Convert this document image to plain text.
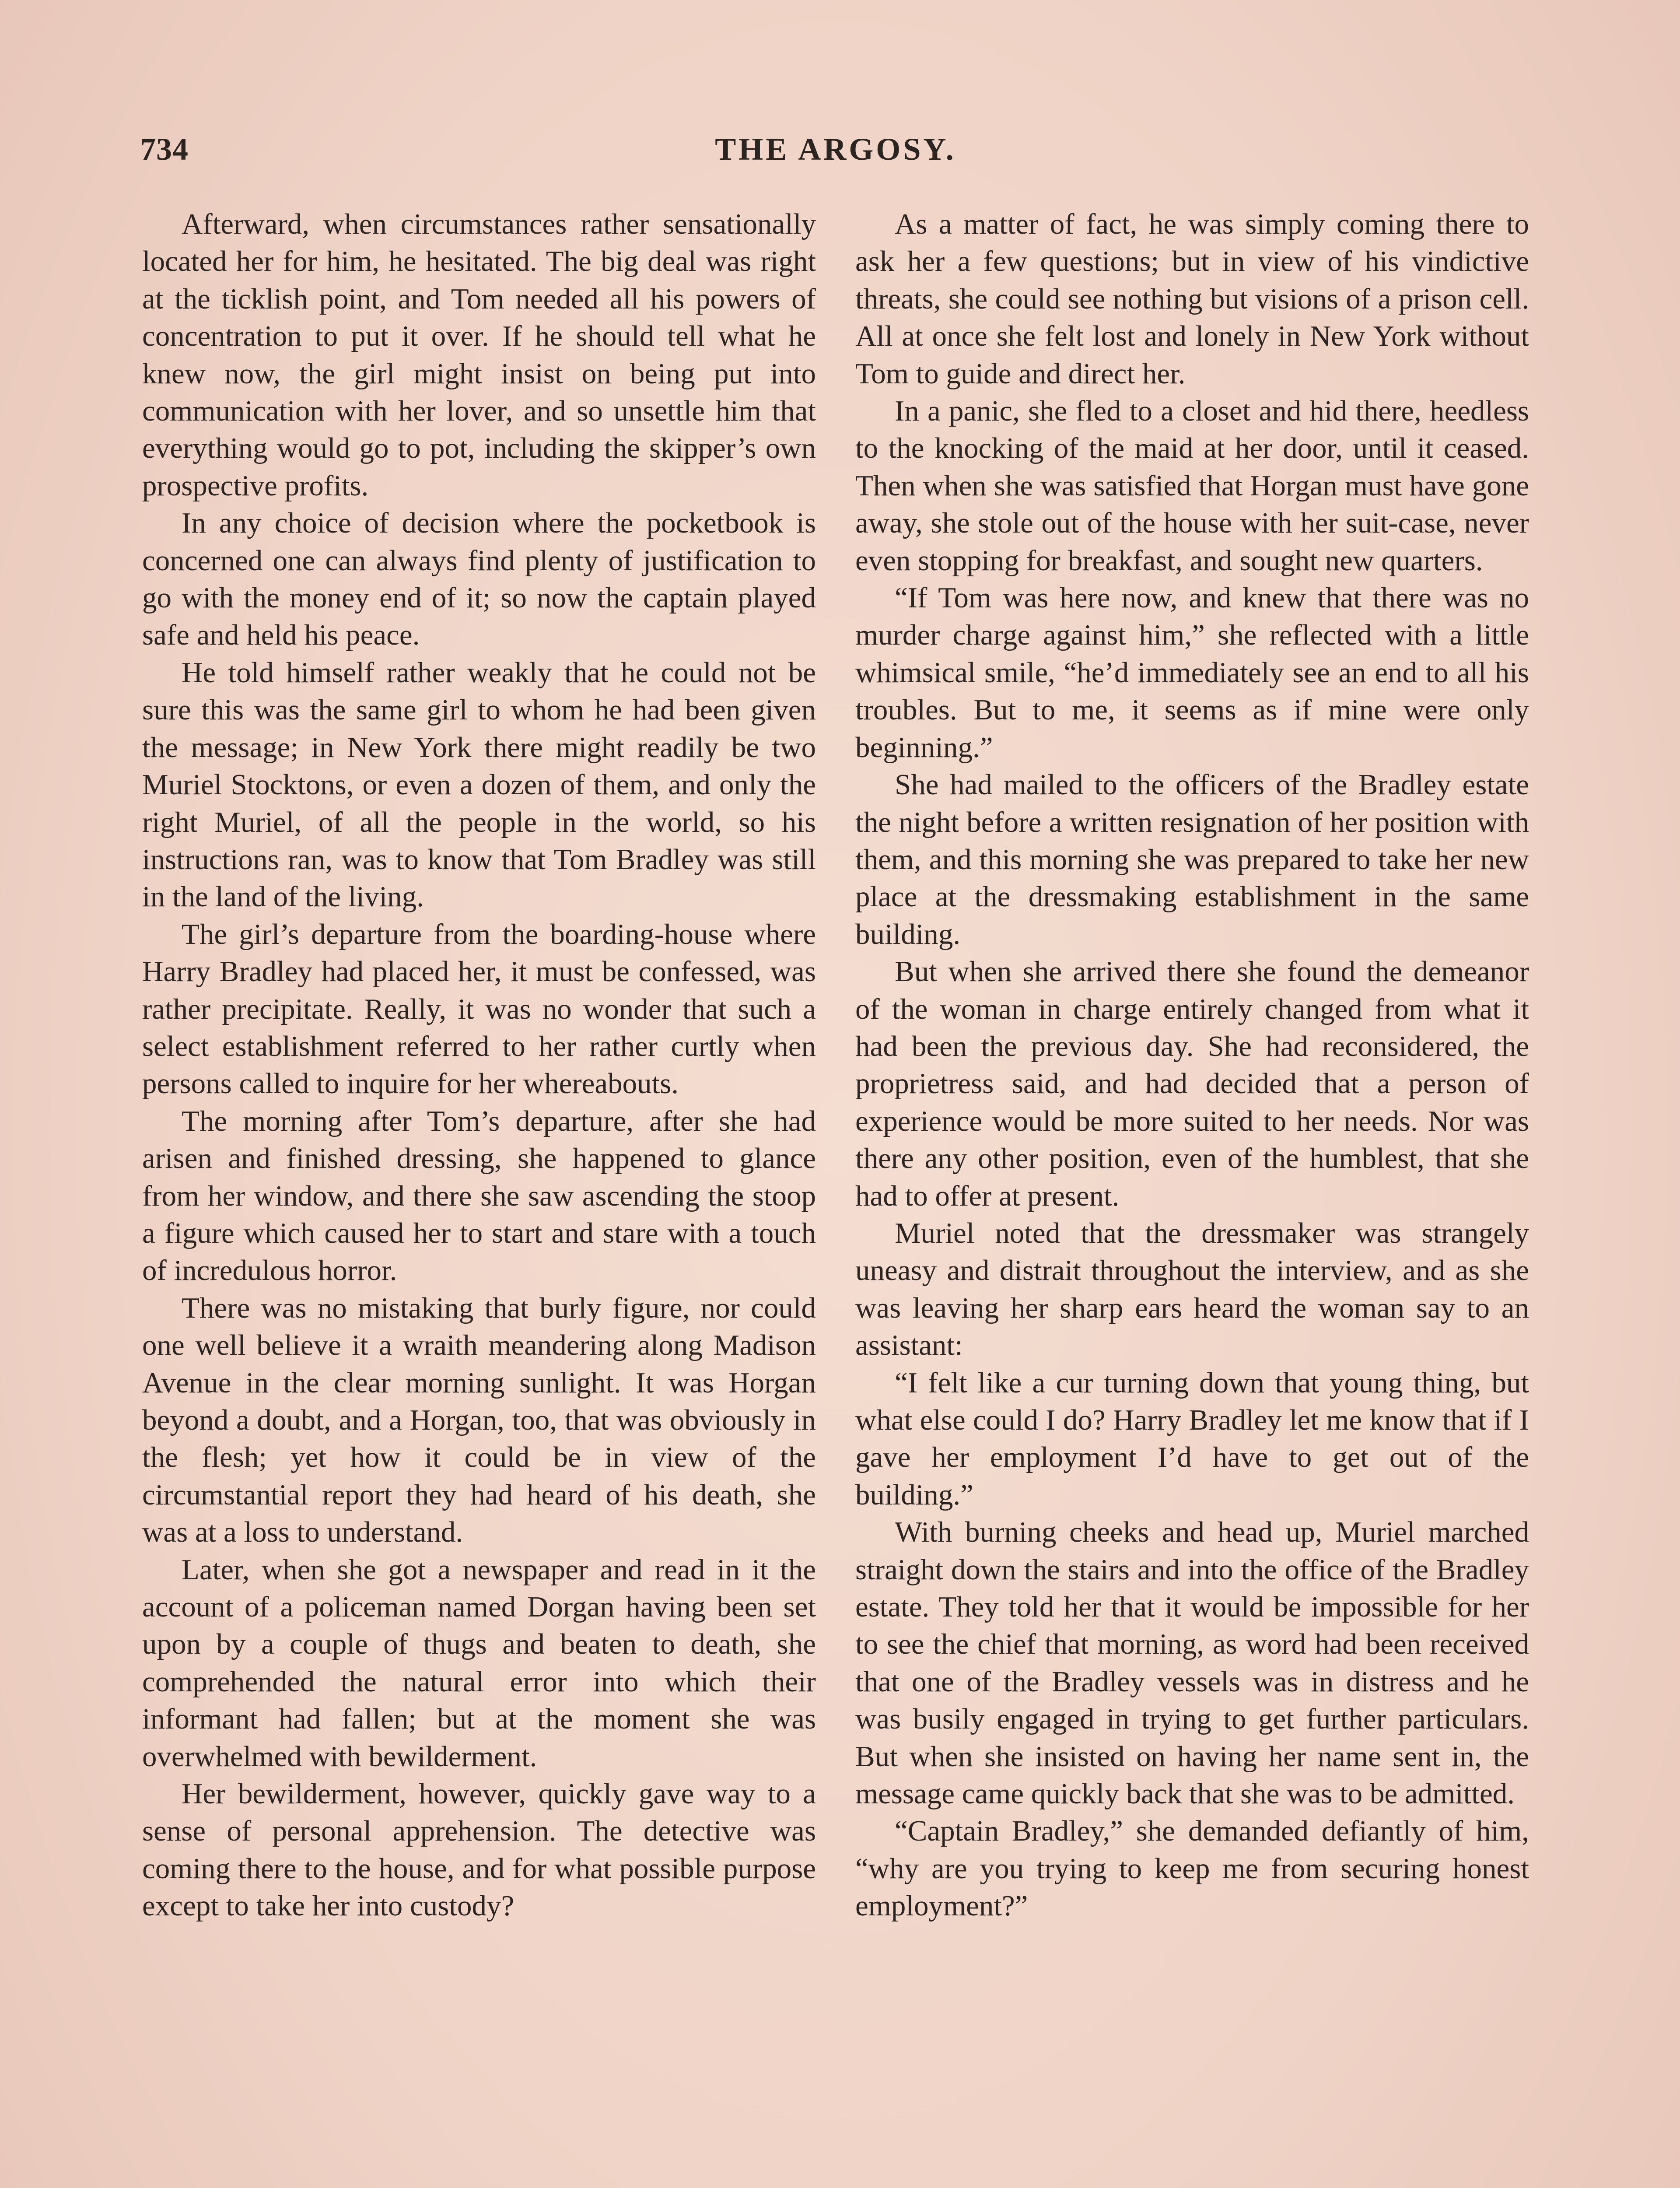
734	THE ARGOSY.

Afterward, when circumstances rather sensationally located her for him, he hesitated. The big deal was right at the ticklish point, and Tom needed all his powers of concentration to put it over. If he should tell what he knew now, the girl might insist on being put into communication with her lover, and so unsettle him that everything would go to pot, including the skipper’s own prospective profits.

In any choice of decision where the pocketbook is concerned one can always find plenty of justification to go with the money end of it; so now the captain played safe and held his peace.

He told himself rather weakly that he could not be sure this was the same girl to whom he had been given the message; in New York there might readily be two Muriel Stocktons, or even a dozen of them, and only the right Muriel, of all the people in the world, so his instructions ran, was to know that Tom Bradley was still in the land of the living.

The girl’s departure from the boarding-house where Harry Bradley had placed her, it must be confessed, was rather precipitate. Really, it was no wonder that such a select establishment referred to her rather curtly when persons called to inquire for her whereabouts.

The morning after Tom’s departure, after she had arisen and finished dressing, she happened to glance from her window, and there she saw ascending the stoop a figure which caused her to start and stare with a touch of incredulous horror.

There was no mistaking that burly figure, nor could one well believe it a wraith meandering along Madison Avenue in the clear morning sunlight. It was Horgan beyond a doubt, and a Horgan, too, that was obviously in the flesh; yet how it could be in view of the circumstantial report they had heard of his death, she was at a loss to understand.

Later, when she got a newspaper and read in it the account of a policeman named Dorgan having been set upon by a couple of thugs and beaten to death, she comprehended the natural error into which their informant had fallen; but at the moment she was overwhelmed with bewilderment.

Her bewilderment, however, quickly gave way to a sense of personal apprehension. The detective was coming there to the house, and for what possible purpose except to take her into custody?

As a matter of fact, he was simply coming there to ask her a few questions; but in view of his vindictive threats, she could see nothing but visions of a prison cell. All at once she felt lost and lonely in New York without Tom to guide and direct her.

In a panic, she fled to a closet and hid there, heedless to the knocking of the maid at her door, until it ceased. Then when she was satisfied that Horgan must have gone away, she stole out of the house with her suit-case, never even stopping for breakfast, and sought new quarters.

“If Tom was here now, and knew that there was no murder charge against him,” she reflected with a little whimsical smile, “he’d immediately see an end to all his troubles. But to me, it seems as if mine were only beginning.”

She had mailed to the officers of the Bradley estate the night before a written resignation of her position with them, and this morning she was prepared to take her new place at the dressmaking establishment in the same building.

But when she arrived there she found the demeanor of the woman in charge entirely changed from what it had been the previous day. She had reconsidered, the proprietress said, and had decided that a person of experience would be more suited to her needs. Nor was there any other position, even of the humblest, that she had to offer at present.

Muriel noted that the dressmaker was strangely uneasy and distrait throughout the interview, and as she was leaving her sharp ears heard the woman say to an assistant:

“I felt like a cur turning down that young thing, but what else could I do? Harry Bradley let me know that if I gave her employment I’d have to get out of the building.”

With burning cheeks and head up, Muriel marched straight down the stairs and into the office of the Bradley estate. They told her that it would be impossible for her to see the chief that morning, as word had been received that one of the Bradley vessels was in distress and he was busily engaged in trying to get further particulars. But when she insisted on having her name sent in, the message came quickly back that she was to be admitted.

“Captain Bradley,” she demanded defiantly of him, “why are you trying to keep me from securing honest employment?”
